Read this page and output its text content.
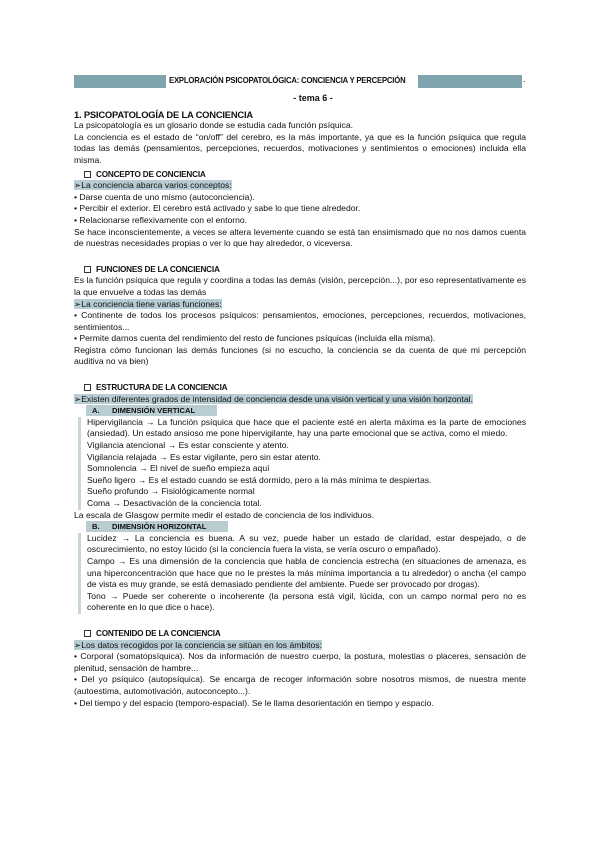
EXPLORACIÓN PSICOPATOLÓGICA: CONCIENCIA Y PERCEPCIÓN	.
- tema 6 -
1. PSICOPATOLOGÍA DE LA CONCIENCIA

La psicopatología es un glosario donde se estudia cada función psíquica.

La conciencia es el estado de “on/off” del cerebro, es la más importante, ya que es la función psíquica que regula todas las demás (pensamientos, percepciones, recuerdos, motivaciones y sentimientos o emociones) incluida ella misma.

CONCEPTO DE CONCIENCIA

➢La conciencia abarca varios conceptos:

• Darse cuenta de uno mismo (autoconciencia).

• Percibir el exterior. El cerebro está activado y sabe lo que tiene alrededor.

• Relacionarse reflexivamente con el entorno.

Se hace inconscientemente, a veces se altera levemente cuando se está tan ensimismado que no nos damos cuenta de nuestras necesidades propias o ver lo que hay alrededor, o viceversa.

FUNCIONES DE LA CONCIENCIA

Es la función psíquica que regula y coordina a todas las demás (visión, percepción...), por eso representativamente es la que envuelve a todas las demás

➢La conciencia tiene varias funciones:

• Continente de todos los procesos psíquicos: pensamientos, emociones, percepciones, recuerdos, motivaciones, sentimientos...

• Permite darnos cuenta del rendimiento del resto de funciones psíquicas (incluida ella misma).

Registra cómo funcionan las demás funciones (si no escucho, la conciencia se da cuenta de que mi percepción auditiva no va bien)

ESTRUCTURA DE LA CONCIENCIA

➢Existen diferentes grados de intensidad de conciencia desde una visión vertical y una visión horizontal.

A. DIMENSIÓN VERTICAL

Hipervigilancia → La función psíquica que hace que el paciente esté en alerta máxima es la parte de emociones (ansiedad). Un estado ansioso me pone hipervigilante, hay una parte emocional que se activa, como el miedo.

Vigilancia atencional → Es estar consciente y atento.

Vigilancia relajada → Es estar vigilante, pero sin estar atento.

Somnolencia → El nivel de sueño empieza aquí

Sueño ligero → Es el estado cuando se está dormido, pero a la más mínima te despiertas.

Sueño profundo → Fisiológicamente normal

Coma → Desactivación de la conciencia total.

La escala de Glasgow permite medir el estado de conciencia de los individuos.

B. DIMENSIÓN HORIZONTAL

Lucidez → La conciencia es buena. A su vez, puede haber un estado de claridad, estar despejado, o de oscurecimiento, no estoy lúcido (si la conciencia fuera la vista, se vería oscuro o empañado).

Campo → Es una dimensión de la conciencia que habla de conciencia estrecha (en situaciones de amenaza, es una hiperconcentración que hace que no le prestes la más mínima importancia a tu alrededor) o ancha (el campo de vista es muy grande, se está demasiado pendiente del ambiente. Puede ser provocado por drogas).

Tono → Puede ser coherente o incoherente (la persona está vigil, lúcida, con un campo normal pero no es coherente en lo que dice o hace).

CONTENIDO DE LA CONCIENCIA

➢Los datos recogidos por la conciencia se sitúan en los ámbitos:

• Corporal (somatopsíquica). Nos da información de nuestro cuerpo, la postura, molestias o placeres, sensación de plenitud, sensación de hambre...

• Del yo psíquico (autopsíquica). Se encarga de recoger información sobre nosotros mismos, de nuestra mente (autoestima, automotivación, autoconcepto...).

• Del tiempo y del espacio (temporo-espacial). Se le llama desorientación en tiempo y espacio.
